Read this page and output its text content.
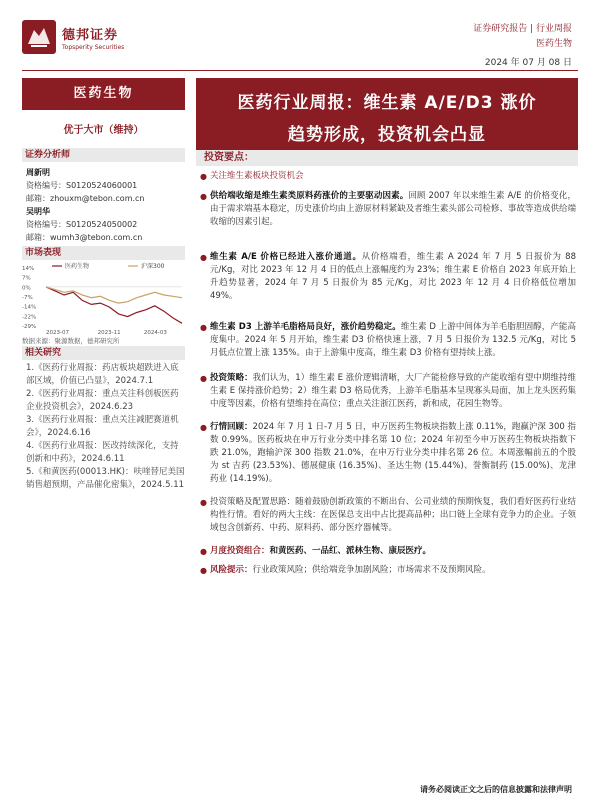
德邦证券
Topsperity Securities
证券研究报告 | 行业周报
医药生物
2024 年 07 月 08 日
医药生物
优于大市（维持）
证券分析师
周新明
资格编号：S0120524060001
邮箱：zhouxm@tebon.com.cn
吴明华
资格编号：S0120524050002
邮箱：wumh3@tebon.com.cn
市场表现
14%
7%
0%
-7%
-14%
-22%
-29%
2023-07	2023-11	2024-03
医药生物	沪深300
数据来源：聚源数据，德邦研究所
相关研究
1.《医药行业周报：药店板块超跌进入底部区域，价值已凸显》，2024.7.1
2.《医药行业周报：重点关注科创板医药企业投资机会》，2024.6.23
3.《医药行业周报：重点关注减肥赛道机会》，2024.6.16
4.《医药行业周报：医改持续深化，支持创新和中药》，2024.6.11
5.《和黄医药(00013.HK)：呋喹替尼美国销售超预期，产品催化密集》，2024.5.11
医药行业周报：维生素 A/E/D3 涨价
趋势形成，投资机会凸显
投资要点：
● 关注维生素板块投资机会
● 供给端收缩是维生素类原料药涨价的主要驱动因素。回顾 2007 年以来维生素 A/E 的价格变化，由于需求端基本稳定，历史涨价均由上游原材料紧缺及者维生素头部公司检修、事故等造成供给端收缩的因素引起。
● 维生素 A/E 价格已经进入涨价通道。从价格端看，维生素 A 2024 年 7 月 5 日报价为 88 元/Kg，对比 2023 年 12 月 4 日的低点上涨幅度约为 23%；维生素 E 价格自 2023 年底开始上升趋势显著，2024 年 7 月 5 日报价为 85 元/Kg，对比 2023 年 12 月 4 日价格低位增加 49%。
● 维生素 D3 上游羊毛脂格局良好，涨价趋势稳定。维生素 D 上游中间体为羊毛脂胆固醇，产能高度集中。2024 年 5 月开始，维生素 D3 价格快速上涨，7 月 5 日报价为 132.5 元/Kg，对比 5 月低点位置上涨 135%。由于上游集中度高，维生素 D3 价格有望持续上涨。
● 投资策略：我们认为，1）维生素 E 涨价逻辑清晰，大厂产能检修导致的产能收缩有望中期维持维生素 E 保持涨价趋势；2）维生素 D3 格局优秀，上游羊毛脂基本呈现寡头局面，加上龙头医药集中度等因素，价格有望维持在高位；重点关注浙江医药，新和成，花园生物等。
● 行情回顾：2024 年 7 月 1 日-7 月 5 日，申万医药生物板块指数上涨 0.11%，跑赢沪深 300 指数 0.99%。医药板块在申万行业分类中排名第 10 位；2024 年初至今申万医药生物板块指数下跌 21.0%，跑输沪深 300 指数 21.0%，在申万行业分类中排名第 26 位。本周涨幅前五的个股为 st 吉药 (23.53%)、德展健康 (16.35%)、圣达生物 (15.44%)、誉衡制药 (15.00%)、龙津药业 (14.19%)。
● 投资策略及配置思路：随着鼓励创新政策的不断出台、公司业绩的预期恢复，我们看好医药行业结构性行情。看好的两大主线：在医保总支出中占比提高品种；出口链上全球有竞争力的企业。子领域包含创新药、中药、原料药、部分医疗器械等。
● 月度投资组合：和黄医药、一品红、派林生物、康辰医疗。
● 风险提示：行业政策风险；供给端竞争加剧风险；市场需求不及预期风险。
请务必阅读正文之后的信息披露和法律声明
